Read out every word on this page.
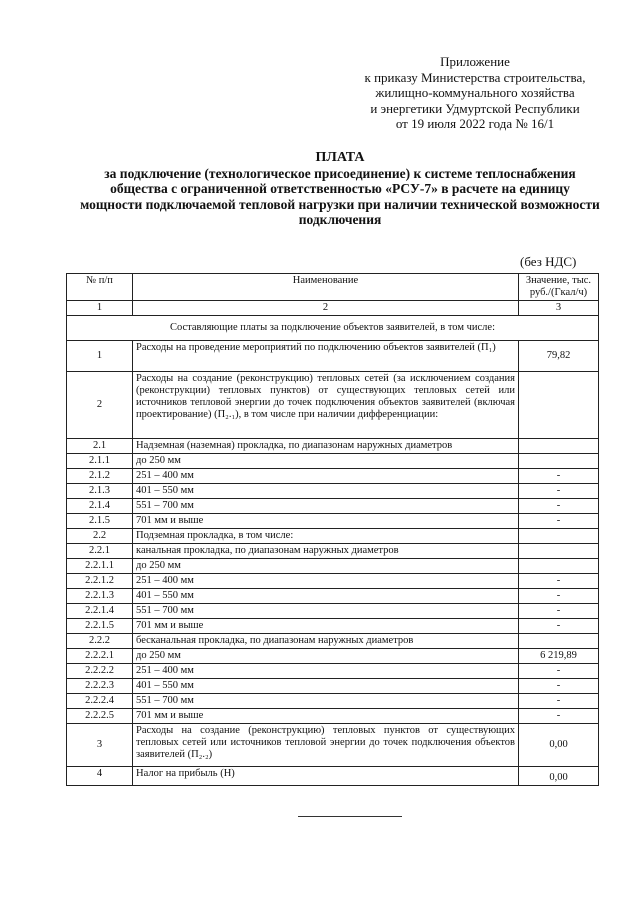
Приложение
к приказу Министерства строительства,
жилищно-коммунального хозяйства
и энергетики Удмуртской Республики
от 19 июля 2022 года № 16/1
ПЛАТА
за подключение (технологическое присоединение) к системе теплоснабжения
общества с ограниченной ответственностью «РСУ-7» в расчете на единицу
мощности подключаемой тепловой нагрузки при наличии технической возможности
подключения
(без НДС)
№ п/п	Наименование	Значение, тыс. руб./(Гкал/ч)
1	2	3
Составляющие платы за подключение объектов заявителей, в том числе:		
1	Расходы на проведение мероприятий по подключению объектов заявителей (П₁)	79,82
2	Расходы на создание (реконструкцию) тепловых сетей (за исключением создания (реконструкции) тепловых пунктов) от существующих тепловых сетей или источников тепловой энергии до точек подключения объектов заявителей (включая проектирование) (П₂.₁), в том числе при наличии дифференциации:	
2.1	Надземная (наземная) прокладка, по диапазонам наружных диаметров	
2.1.1	до 250 мм	
2.1.2	251 – 400 мм	-
2.1.3	401 – 550 мм	-
2.1.4	551 – 700 мм	-
2.1.5	701 мм и выше	-
2.2	Подземная прокладка, в том числе:	
2.2.1	канальная прокладка, по диапазонам наружных диаметров	
2.2.1.1	до 250 мм	
2.2.1.2	251 – 400 мм	-
2.2.1.3	401 – 550 мм	-
2.2.1.4	551 – 700 мм	-
2.2.1.5	701 мм и выше	-
2.2.2	бесканальная прокладка, по диапазонам наружных диаметров	
2.2.2.1	до 250 мм	6 219,89
2.2.2.2	251 – 400 мм	-
2.2.2.3	401 – 550 мм	-
2.2.2.4	551 – 700 мм	-
2.2.2.5	701 мм и выше	-
3	Расходы на создание (реконструкцию) тепловых пунктов от существующих тепловых сетей или источников тепловой энергии до точек подключения объектов заявителей (П₂.₂)	0,00
4	Налог на прибыль (Н)	0,00
